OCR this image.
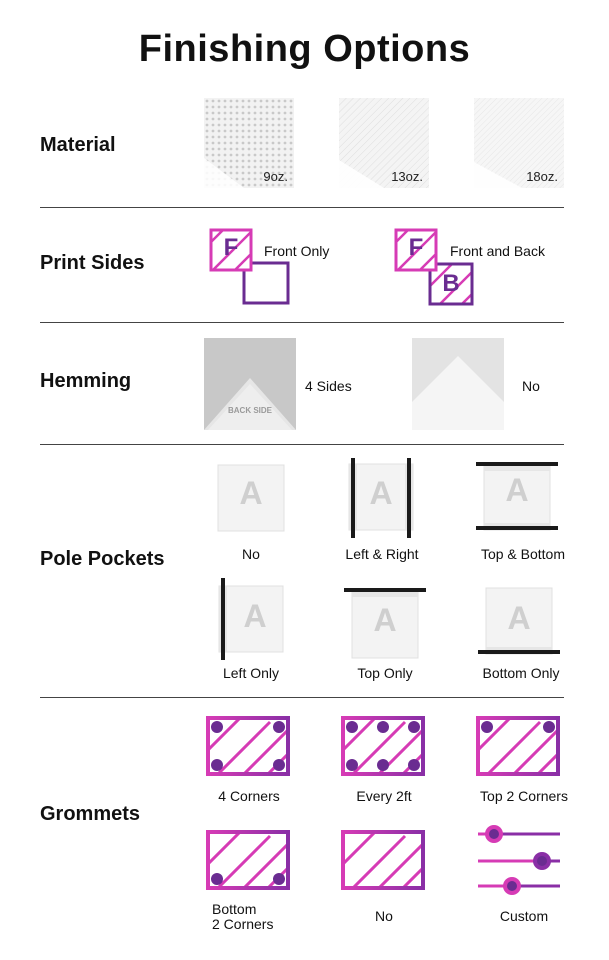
Finishing Options
Material
9oz.	13oz.	18oz.
Print Sides
F	Front Only	F
B
Front and Back
Hemming
BACK SIDE
4 Sides	No
Pole Pockets
A
No
A
Left & Right
A
Top & Bottom
A
Left Only
A
Top Only
A
Bottom Only
Grommets
4 Corners	Every 2ft	Top 2 Corners
Bottom
2 Corners	No	Custom
